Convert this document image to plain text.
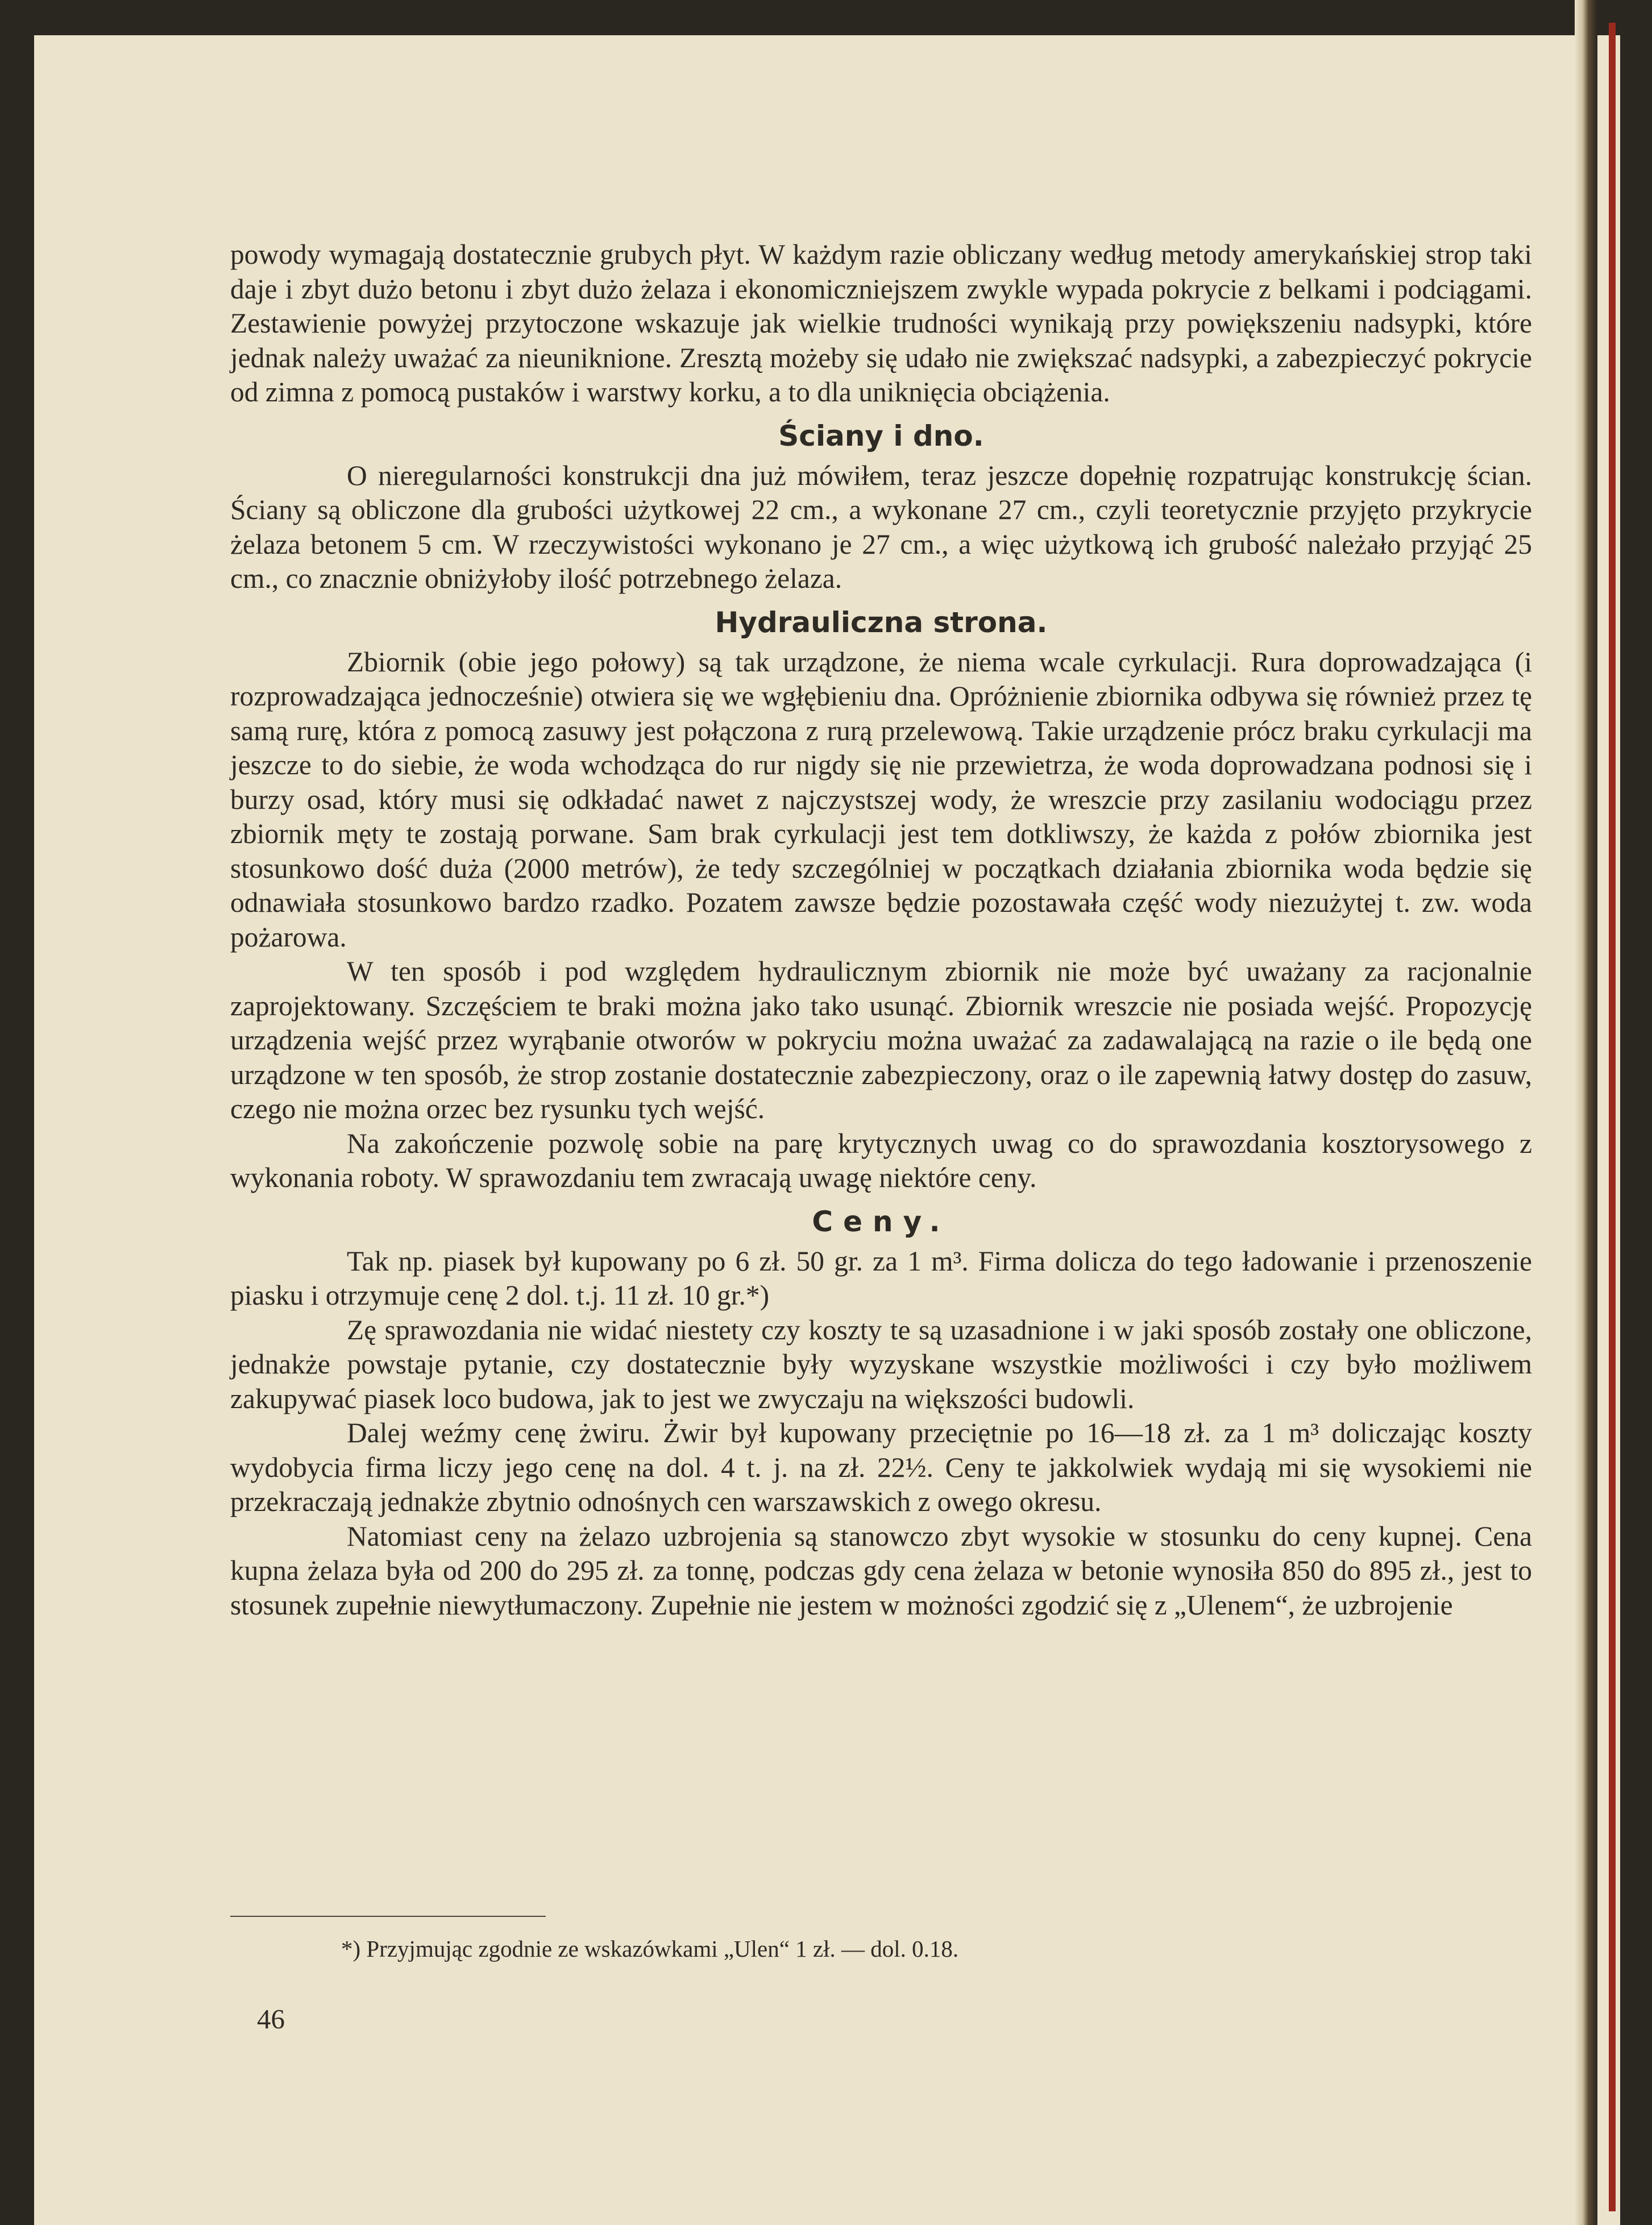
powody wymagają dostatecznie grubych płyt. W każdym razie obliczany według metody amerykańskiej strop taki daje i zbyt dużo betonu i zbyt dużo żelaza i ekonomiczniejszem zwykle wypada pokrycie z belkami i podciągami. Zestawienie powyżej przytoczone wskazuje jak wielkie trudności wynikają przy powiększeniu nadsypki, które jednak należy uważać za nieuniknione. Zresztą możeby się udało nie zwiększać nadsypki, a zabezpieczyć pokrycie od zimna z pomocą pustaków i warstwy korku, a to dla uniknięcia obciążenia.

Ściany i dno.

O nieregularności konstrukcji dna już mówiłem, teraz jeszcze dopełnię rozpatrując konstrukcję ścian. Ściany są obliczone dla grubości użytkowej 22 cm., a wykonane 27 cm., czyli teoretycznie przyjęto przykrycie żelaza betonem 5 cm. W rzeczywistości wykonano je 27 cm., a więc użytkową ich grubość należało przyjąć 25 cm., co znacznie obniżyłoby ilość potrzebnego żelaza.

Hydrauliczna strona.

Zbiornik (obie jego połowy) są tak urządzone, że niema wcale cyrkulacji. Rura doprowadzająca (i rozprowadzająca jednocześnie) otwiera się we wgłębieniu dna. Opróżnienie zbiornika odbywa się również przez tę samą rurę, która z pomocą zasuwy jest połączona z rurą przelewową. Takie urządzenie prócz braku cyrkulacji ma jeszcze to do siebie, że woda wchodząca do rur nigdy się nie przewietrza, że woda doprowadzana podnosi się i burzy osad, który musi się odkładać nawet z najczystszej wody, że wreszcie przy zasilaniu wodociągu przez zbiornik męty te zostają porwane. Sam brak cyrkulacji jest tem dotkliwszy, że każda z połów zbiornika jest stosunkowo dość duża (2000 metrów), że tedy szczególniej w początkach działania zbiornika woda będzie się odnawiała stosunkowo bardzo rzadko. Pozatem zawsze będzie pozostawała część wody niezużytej t. zw. woda pożarowa.

W ten sposób i pod względem hydraulicznym zbiornik nie może być uważany za racjonalnie zaprojektowany. Szczęściem te braki można jako tako usunąć. Zbiornik wreszcie nie posiada wejść. Propozycję urządzenia wejść przez wyrąbanie otworów w pokryciu można uważać za zadawalającą na razie o ile będą one urządzone w ten sposób, że strop zostanie dostatecznie zabezpieczony, oraz o ile zapewnią łatwy dostęp do zasuw, czego nie można orzec bez rysunku tych wejść.

Na zakończenie pozwolę sobie na parę krytycznych uwag co do sprawozdania kosztorysowego z wykonania roboty. W sprawozdaniu tem zwracają uwagę niektóre ceny.

Ceny.

Tak np. piasek był kupowany po 6 zł. 50 gr. za 1 m³. Firma dolicza do tego ładowanie i przenoszenie piasku i otrzymuje cenę 2 dol. t.j. 11 zł. 10 gr.*)

Zę sprawozdania nie widać niestety czy koszty te są uzasadnione i w jaki sposób zostały one obliczone, jednakże powstaje pytanie, czy dostatecznie były wyzyskane wszystkie możliwości i czy było możliwem zakupywać piasek loco budowa, jak to jest we zwyczaju na większości budowli.

Dalej weźmy cenę żwiru. Żwir był kupowany przeciętnie po 16—18 zł. za 1 m³ doliczając koszty wydobycia firma liczy jego cenę na dol. 4 t. j. na zł. 22½. Ceny te jakkolwiek wydają mi się wysokiemi nie przekraczają jednakże zbytnio odnośnych cen warszawskich z owego okresu.

Natomiast ceny na żelazo uzbrojenia są stanowczo zbyt wysokie w stosunku do ceny kupnej. Cena kupna żelaza była od 200 do 295 zł. za tonnę, podczas gdy cena żelaza w betonie wynosiła 850 do 895 zł., jest to stosunek zupełnie niewytłumaczony. Zupełnie nie jestem w możności zgodzić się z „Ulenem“, że uzbrojenie

*) Przyjmując zgodnie ze wskazówkami „Ulen“ 1 zł. — dol. 0.18.

46
